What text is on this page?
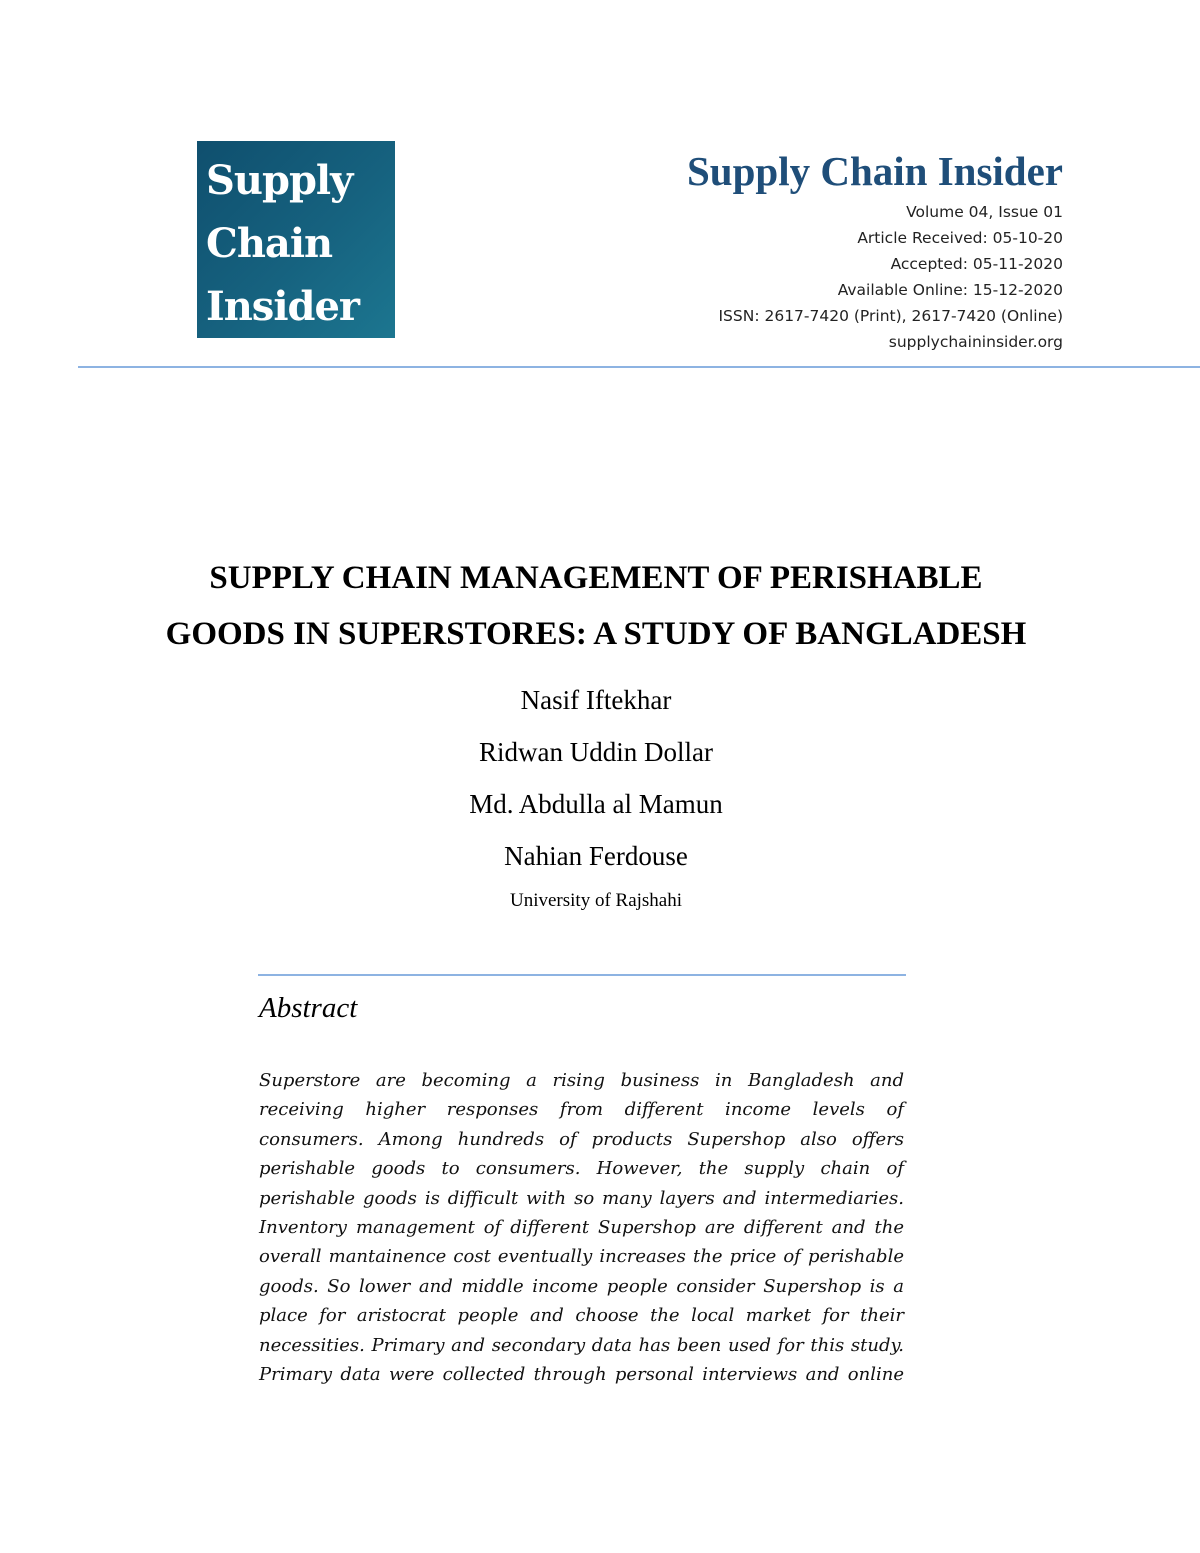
Supply
Chain
Insider
Supply Chain Insider
Volume 04, Issue 01
Article Received: 05-10-20
Accepted: 05-11-2020
Available Online: 15-12-2020
ISSN: 2617-7420 (Print), 2617-7420 (Online)
supplychaininsider.org
SUPPLY CHAIN MANAGEMENT OF PERISHABLE
GOODS IN SUPERSTORES: A STUDY OF BANGLADESH
Nasif Iftekhar
Ridwan Uddin Dollar
Md. Abdulla al Mamun
Nahian Ferdouse
University of Rajshahi
Abstract
Superstore are becoming a rising business in Bangladesh and
receiving higher responses from different income levels of
consumers. Among hundreds of products Supershop also offers
perishable goods to consumers. However, the supply chain of
perishable goods is difficult with so many layers and intermediaries.
Inventory management of different Supershop are different and the
overall mantainence cost eventually increases the price of perishable
goods. So lower and middle income people consider Supershop is a
place for aristocrat people and choose the local market for their
necessities. Primary and secondary data has been used for this study.
Primary data were collected through personal interviews and online
